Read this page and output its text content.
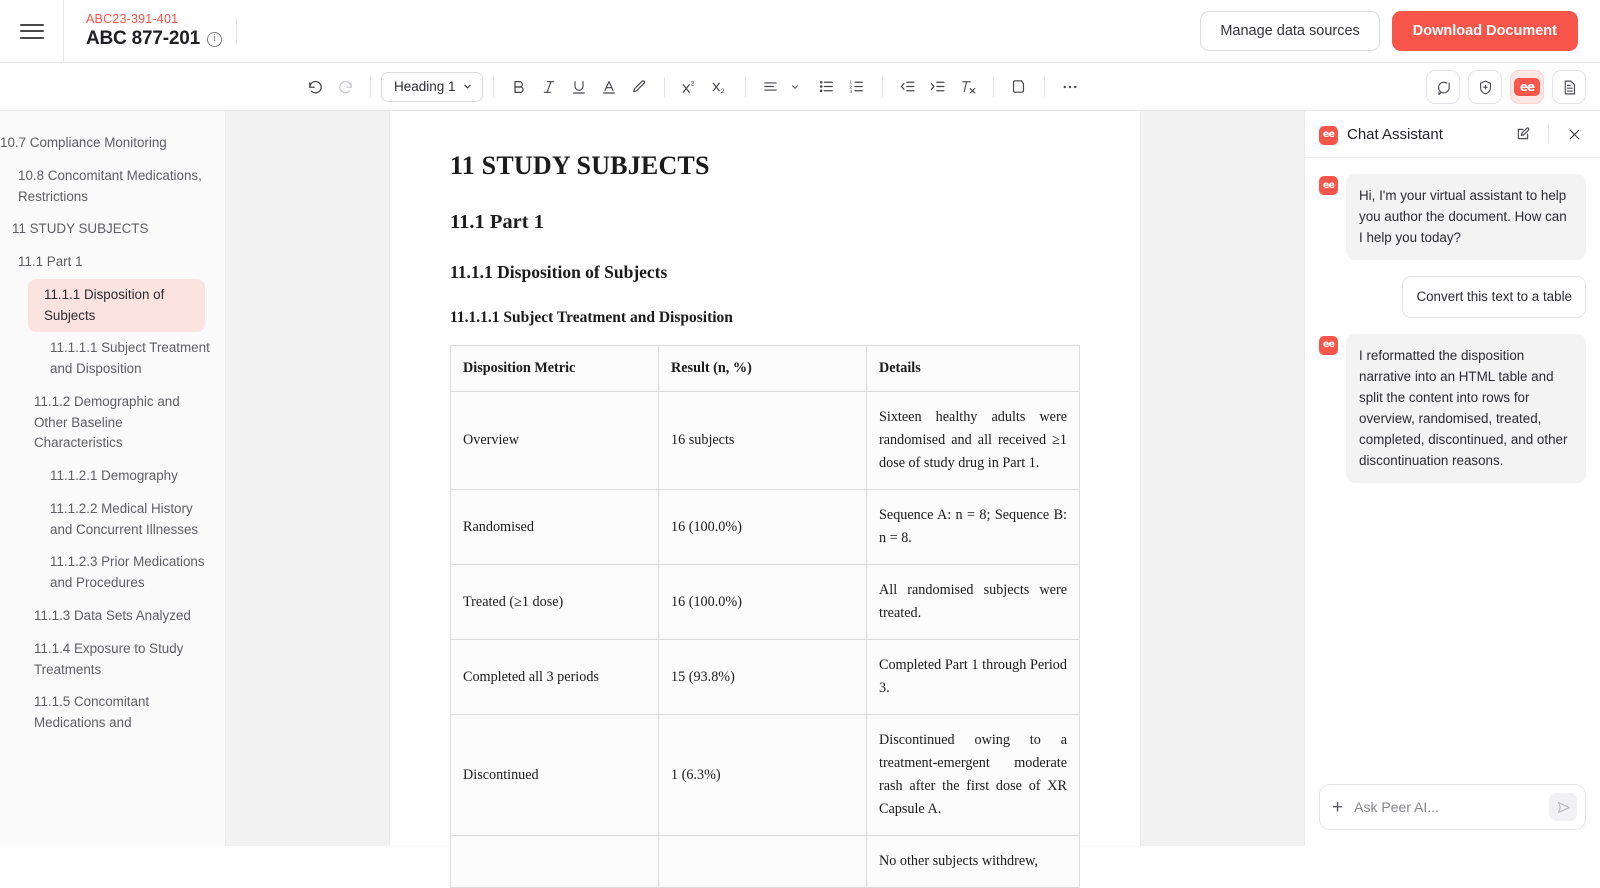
ABC23-391-401
ABC 877-201	i	Manage data sources	Download Document
Heading 1	2
2
1
2
3	ee
10.7 Compliance Monitoring
10.8 Concomitant Medications, Restrictions
11 STUDY SUBJECTS
11.1 Part 1
11.1.1 Disposition of Subjects
11.1.1.1 Subject Treatment and Disposition
11.1.2 Demographic and Other Baseline Characteristics
11.1.2.1 Demography
11.1.2.2 Medical History and Concurrent Illnesses
11.1.2.3 Prior Medications and Procedures
11.1.3 Data Sets Analyzed
11.1.4 Exposure to Study Treatments
11.1.5 Concomitant Medications and
11 STUDY SUBJECTS
11.1 Part 1
11.1.1 Disposition of Subjects
11.1.1.1 Subject Treatment and Disposition
Disposition Metric	Result (n, %)	Details
Overview	16 subjects	Sixteen healthy adults were randomised and all received ≥1 dose of study drug in Part 1.
Randomised	16 (100.0%)	Sequence A: n = 8; Sequence B: n = 8.
Treated (≥1 dose)	16 (100.0%)	All randomised subjects were treated.
Completed all 3 periods	15 (93.8%)	Completed Part 1 through Period 3.
Discontinued	1 (6.3%)	Discontinued owing to a treatment-emergent moderate rash after the first dose of XR Capsule A.
		No other subjects withdrew,
ee Chat Assistant
ee
Hi, I'm your virtual assistant to help you author the document. How can I help you today?
Convert this text to a table
ee
I reformatted the disposition narrative into an HTML table and split the content into rows for overview, randomised, treated, completed, discontinued, and other discontinuation reasons.
+
Ask Peer AI...
